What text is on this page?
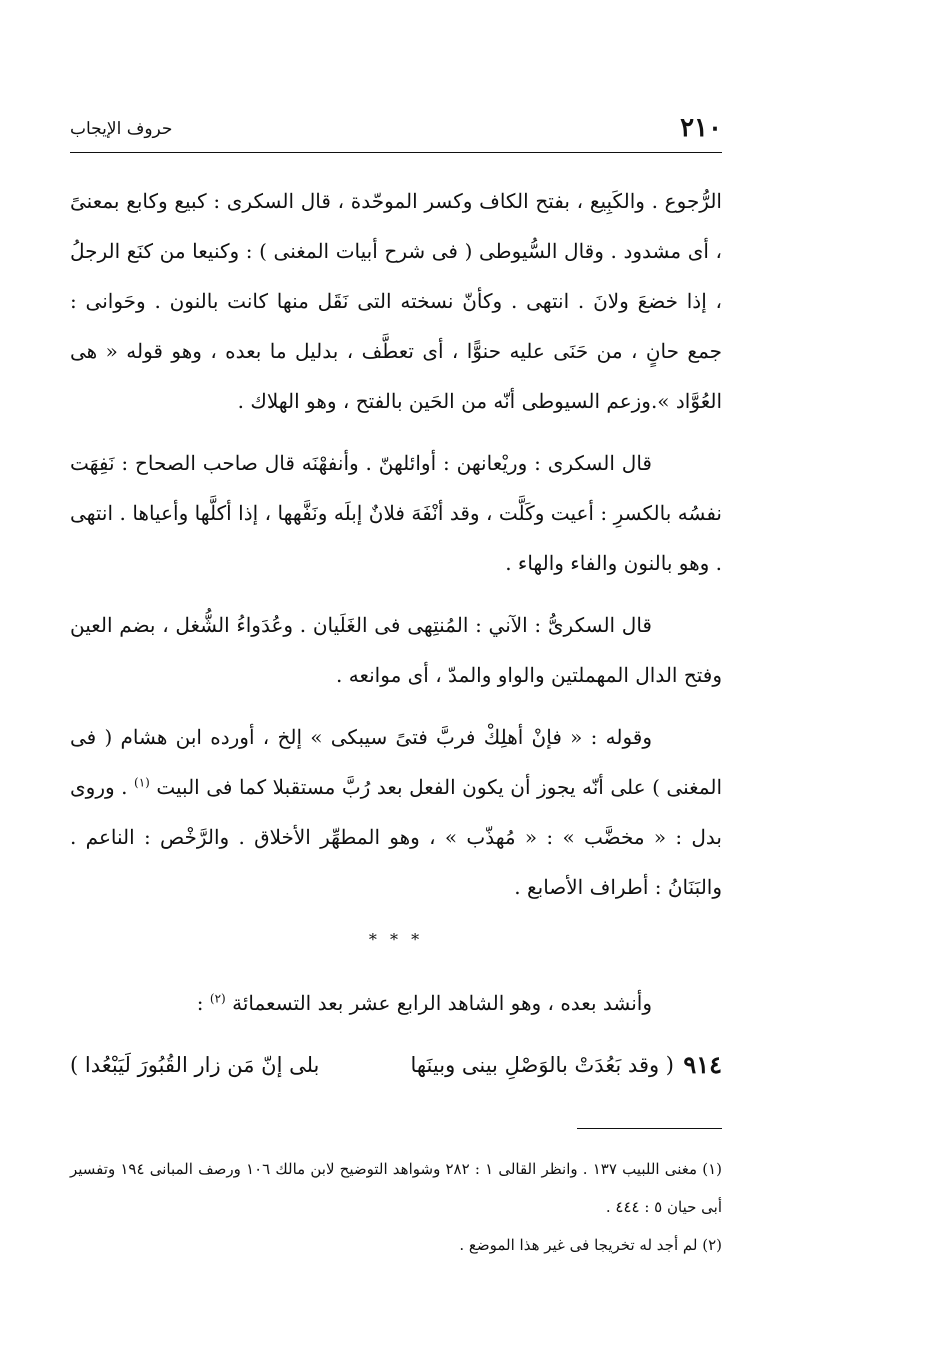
٢١٠
حروف الإيجاب

الرُّجوع . والكَبِيع ، بفتح الكاف وكسر الموحّدة ، قال السكرى : كبيع وكابع بمعنىً ، أى مشدود . وقال السُّيوطى ( فى شرح أبيات المغنى ) : وكنيعا من كنَع الرجلُ ، إذا خضعَ ولانَ . انتهى . وكأنّ نسخته التى نَقَل منها كانت بالنون . وحَوانى : جمع حانٍ ، من حَنَى عليه حنوًّا ، أى تعطَّف ، بدليل ما بعده ، وهو قوله « هى العُوَّاد ».وزعم السيوطى أنّه من الحَين بالفتح ، وهو الهلاك .

قال السكرى : وريْعانهن : أوائلهنّ . وأنفهْنَه قال صاحب الصحاح : نَفِهَت نفسُه بالكسرِ : أعيت وكَلَّت ، وقد أنْفَهَ فلانٌ إبلَه ونَفَّهها ، إذا أكلَّها وأعياها . انتهى . وهو بالنون والفاء والهاء .

قال السكرىُّ : الآني : المُنتِهى فى الغَلَيان . وعُدَواءُ الشُّغل ، بضم العين وفتح الدال المهملتين والواو والمدّ ، أى موانعه .

وقوله : « فإنْ أهلِكْ فربَّ فتىً سيبكى » إلخ ، أورده ابن هشام ( فى المغنى ) على أنّه يجوز أن يكون الفعل بعد رُبَّ مستقبلا كما فى البيت $^{(١)}$ . وروى بدل : « مخضَّب » : « مُهذّب » ، وهو المطهِّر الأخلاق . والرَّخْص : الناعم . والبَنَانُ : أطراف الأصابع .

* * *
وأنشد بعده ، وهو الشاهد الرابع عشر بعد التسعمائة $^{(٢)}$ :
٩١٤
( وقد بَعُدَتْ بالوَصْلِ بينى وبينَها
بلى إنّ مَن زار القُبُورَ لَيَبْعُدا )

(١) مغنى اللبيب ١٣٧ . وانظر القالى ١ : ٢٨٢ وشواهد التوضيح لابن مالك ١٠٦ ورصف المبانى ١٩٤ وتفسير أبى حيان ٥ : ٤٤٤ .

(٢) لم أجد له تخريجا فى غير هذا الموضع .
